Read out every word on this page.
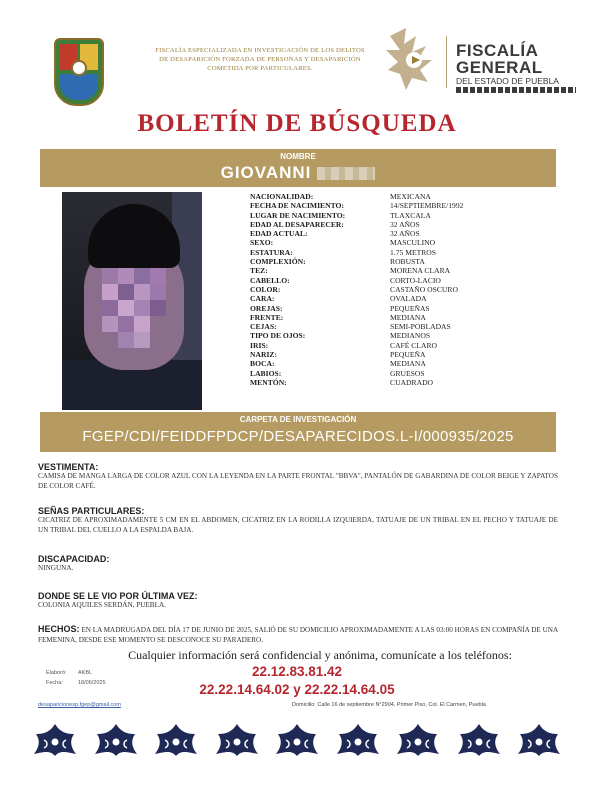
FISCALÍA ESPECIALIZADA EN INVESTIGACIÓN DE LOS DELITOS DE DESAPARICIÓN FORZADA DE PERSONAS Y DESAPARICIÓN COMETIDA POR PARTICULARES.
FISCALÍA
GENERAL
DEL ESTADO DE PUEBLA
BOLETÍN DE BÚSQUEDA
NOMBRE
GIOVANNI
NACIONALIDAD:	MEXICANA
FECHA DE NACIMIENTO:	14/SEPTIEMBRE/1992
LUGAR DE NACIMIENTO:	TLAXCALA
EDAD AL DESAPARECER:	32 AÑOS
EDAD ACTUAL:	32 AÑOS
SEXO:	MASCULINO
ESTATURA:	1.75 METROS
COMPLEXIÓN:	ROBUSTA
TEZ:	MORENA CLARA
CABELLO:	CORTO-LACIO
COLOR:	CASTAÑO OSCURO
CARA:	OVALADA
OREJAS:	PEQUEÑAS
FRENTE:	MEDIANA
CEJAS:	SEMI-POBLADAS
TIPO DE OJOS:	MEDIANOS
IRIS:	CAFÉ CLARO
NARIZ:	PEQUEÑA
BOCA:	MEDIANA
LABIOS:	GRUESOS
MENTÓN:	CUADRADO
CARPETA DE INVESTIGACIÓN
FGEP/CDI/FEIDDFPDCP/DESAPARECIDOS.L-I/000935/2025
VESTIMENTA:
CAMISA DE MANGA LARGA DE COLOR AZUL CON LA LEYENDA EN LA PARTE FRONTAL "BBVA", PANTALÓN DE GABARDINA DE COLOR BEIGE Y ZAPATOS DE COLOR CAFÉ.
SEÑAS PARTICULARES:
CICATRIZ DE APROXIMADAMENTE 5 CM EN EL ABDOMEN, CICATRIZ EN LA RODILLA IZQUIERDA, TATUAJE DE UN TRIBAL EN EL PECHO Y TATUAJE DE UN TRIBAL DEL CUELLO A LA ESPALDA BAJA.
DISCAPACIDAD:
NINGUNA.
DONDE SE LE VIO POR ÚLTIMA VEZ:
COLONIA AQUILES SERDÁN, PUEBLA.
HECHOS: EN LA MADRUGADA DEL DÍA 17 DE JUNIO DE 2025, SALIÓ DE SU DOMICILIO APROXIMADAMENTE A LAS 03:00 HORAS EN COMPAÑÍA DE UNA FEMENINA, DESDE ESE MOMENTO SE DESCONOCE SU PARADERO.
Cualquier información será confidencial y anónima, comunícate a los teléfonos:
22.12.83.81.42
22.22.14.64.02 y 22.22.14.64.05
Elaboró: AKBL
Fecha:	18/06/2025
desaparicionesp.fgep@gmail.com	Domicilio: Calle 16 de septiembre N°2904, Primer Piso, Col. El Carmen, Puebla
